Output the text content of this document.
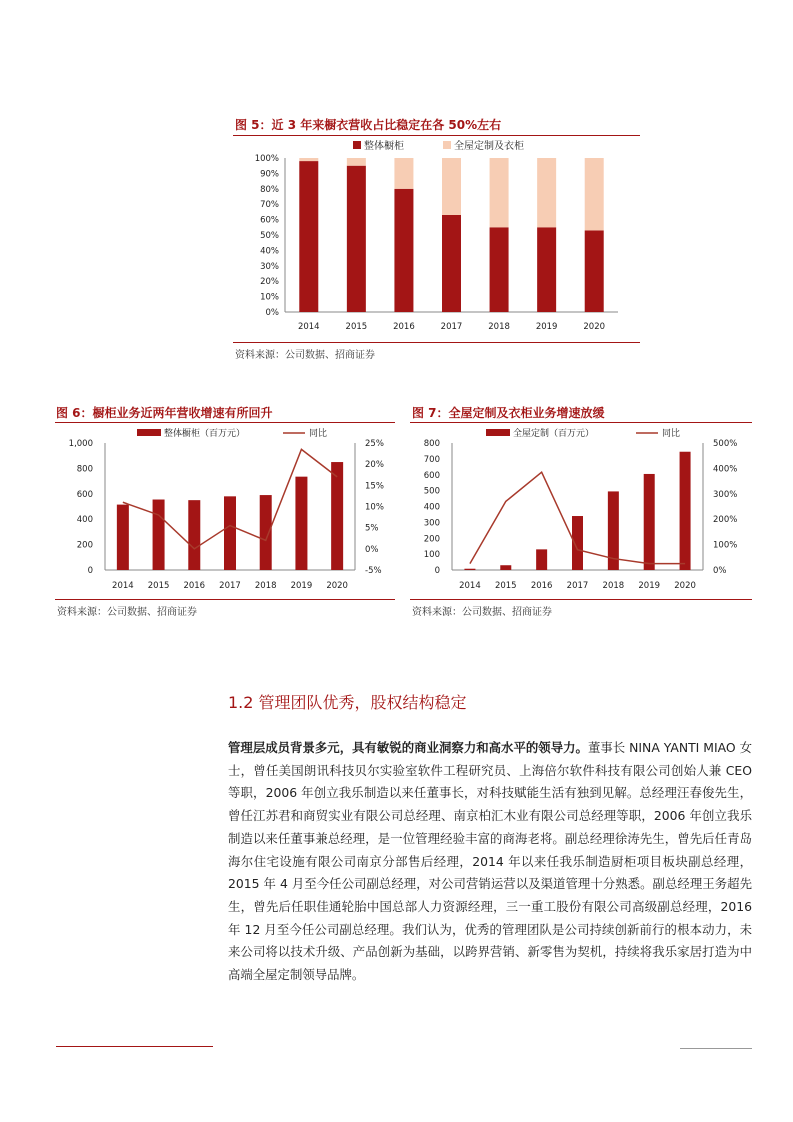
图 5：近 3 年来橱衣营收占比稳定在各 50%左右
0%
10%
20%
30%
40%
50%
60%
70%
80%
90%
100%
2014	2015	2016	2017	2018	2019	2020
整体橱柜	全屋定制及衣柜
资料来源：公司数据、招商证券
图 6：橱柜业务近两年营收增速有所回升
0
200
400
600
800
1,000
-5%
0%
5%
10%
15%
20%
25%
2014 2015 2016 2017 2018 2019 2020
整体橱柜（百万元）	同比
资料来源：公司数据、招商证券
图 7：全屋定制及衣柜业务增速放缓
0
100
200
300
400
500
600
700
800
0%
100%
200%
300%
400%
500%
2014 2015 2016 2017 2018 2019 2020
全屋定制（百万元）	同比
资料来源：公司数据、招商证券
1.2 管理团队优秀，股权结构稳定

管理层成员背景多元，具有敏锐的商业洞察力和高水平的领导力。董事长 NINA YANTI MIAO 女士，曾任美国朗讯科技贝尔实验室软件工程研究员、上海倍尔软件科技有限公司创始人兼 CEO 等职，2006 年创立我乐制造以来任董事长，对科技赋能生活有独到见解。总经理汪春俊先生，曾任江苏君和商贸实业有限公司总经理、南京柏汇木业有限公司总经理等职，2006 年创立我乐制造以来任董事兼总经理，是一位管理经验丰富的商海老将。副总经理徐涛先生，曾先后任青岛海尔住宅设施有限公司南京分部售后经理，2014 年以来任我乐制造厨柜项目板块副总经理，2015 年 4 月至今任公司副总经理，对公司营销运营以及渠道管理十分熟悉。副总经理王务超先生，曾先后任职佳通轮胎中国总部人力资源经理，三一重工股份有限公司高级副总经理，2016 年 12 月至今任公司副总经理。我们认为，优秀的管理团队是公司持续创新前行的根本动力，未来公司将以技术升级、产品创新为基础，以跨界营销、新零售为契机，持续将我乐家居打造为中高端全屋定制领导品牌。
